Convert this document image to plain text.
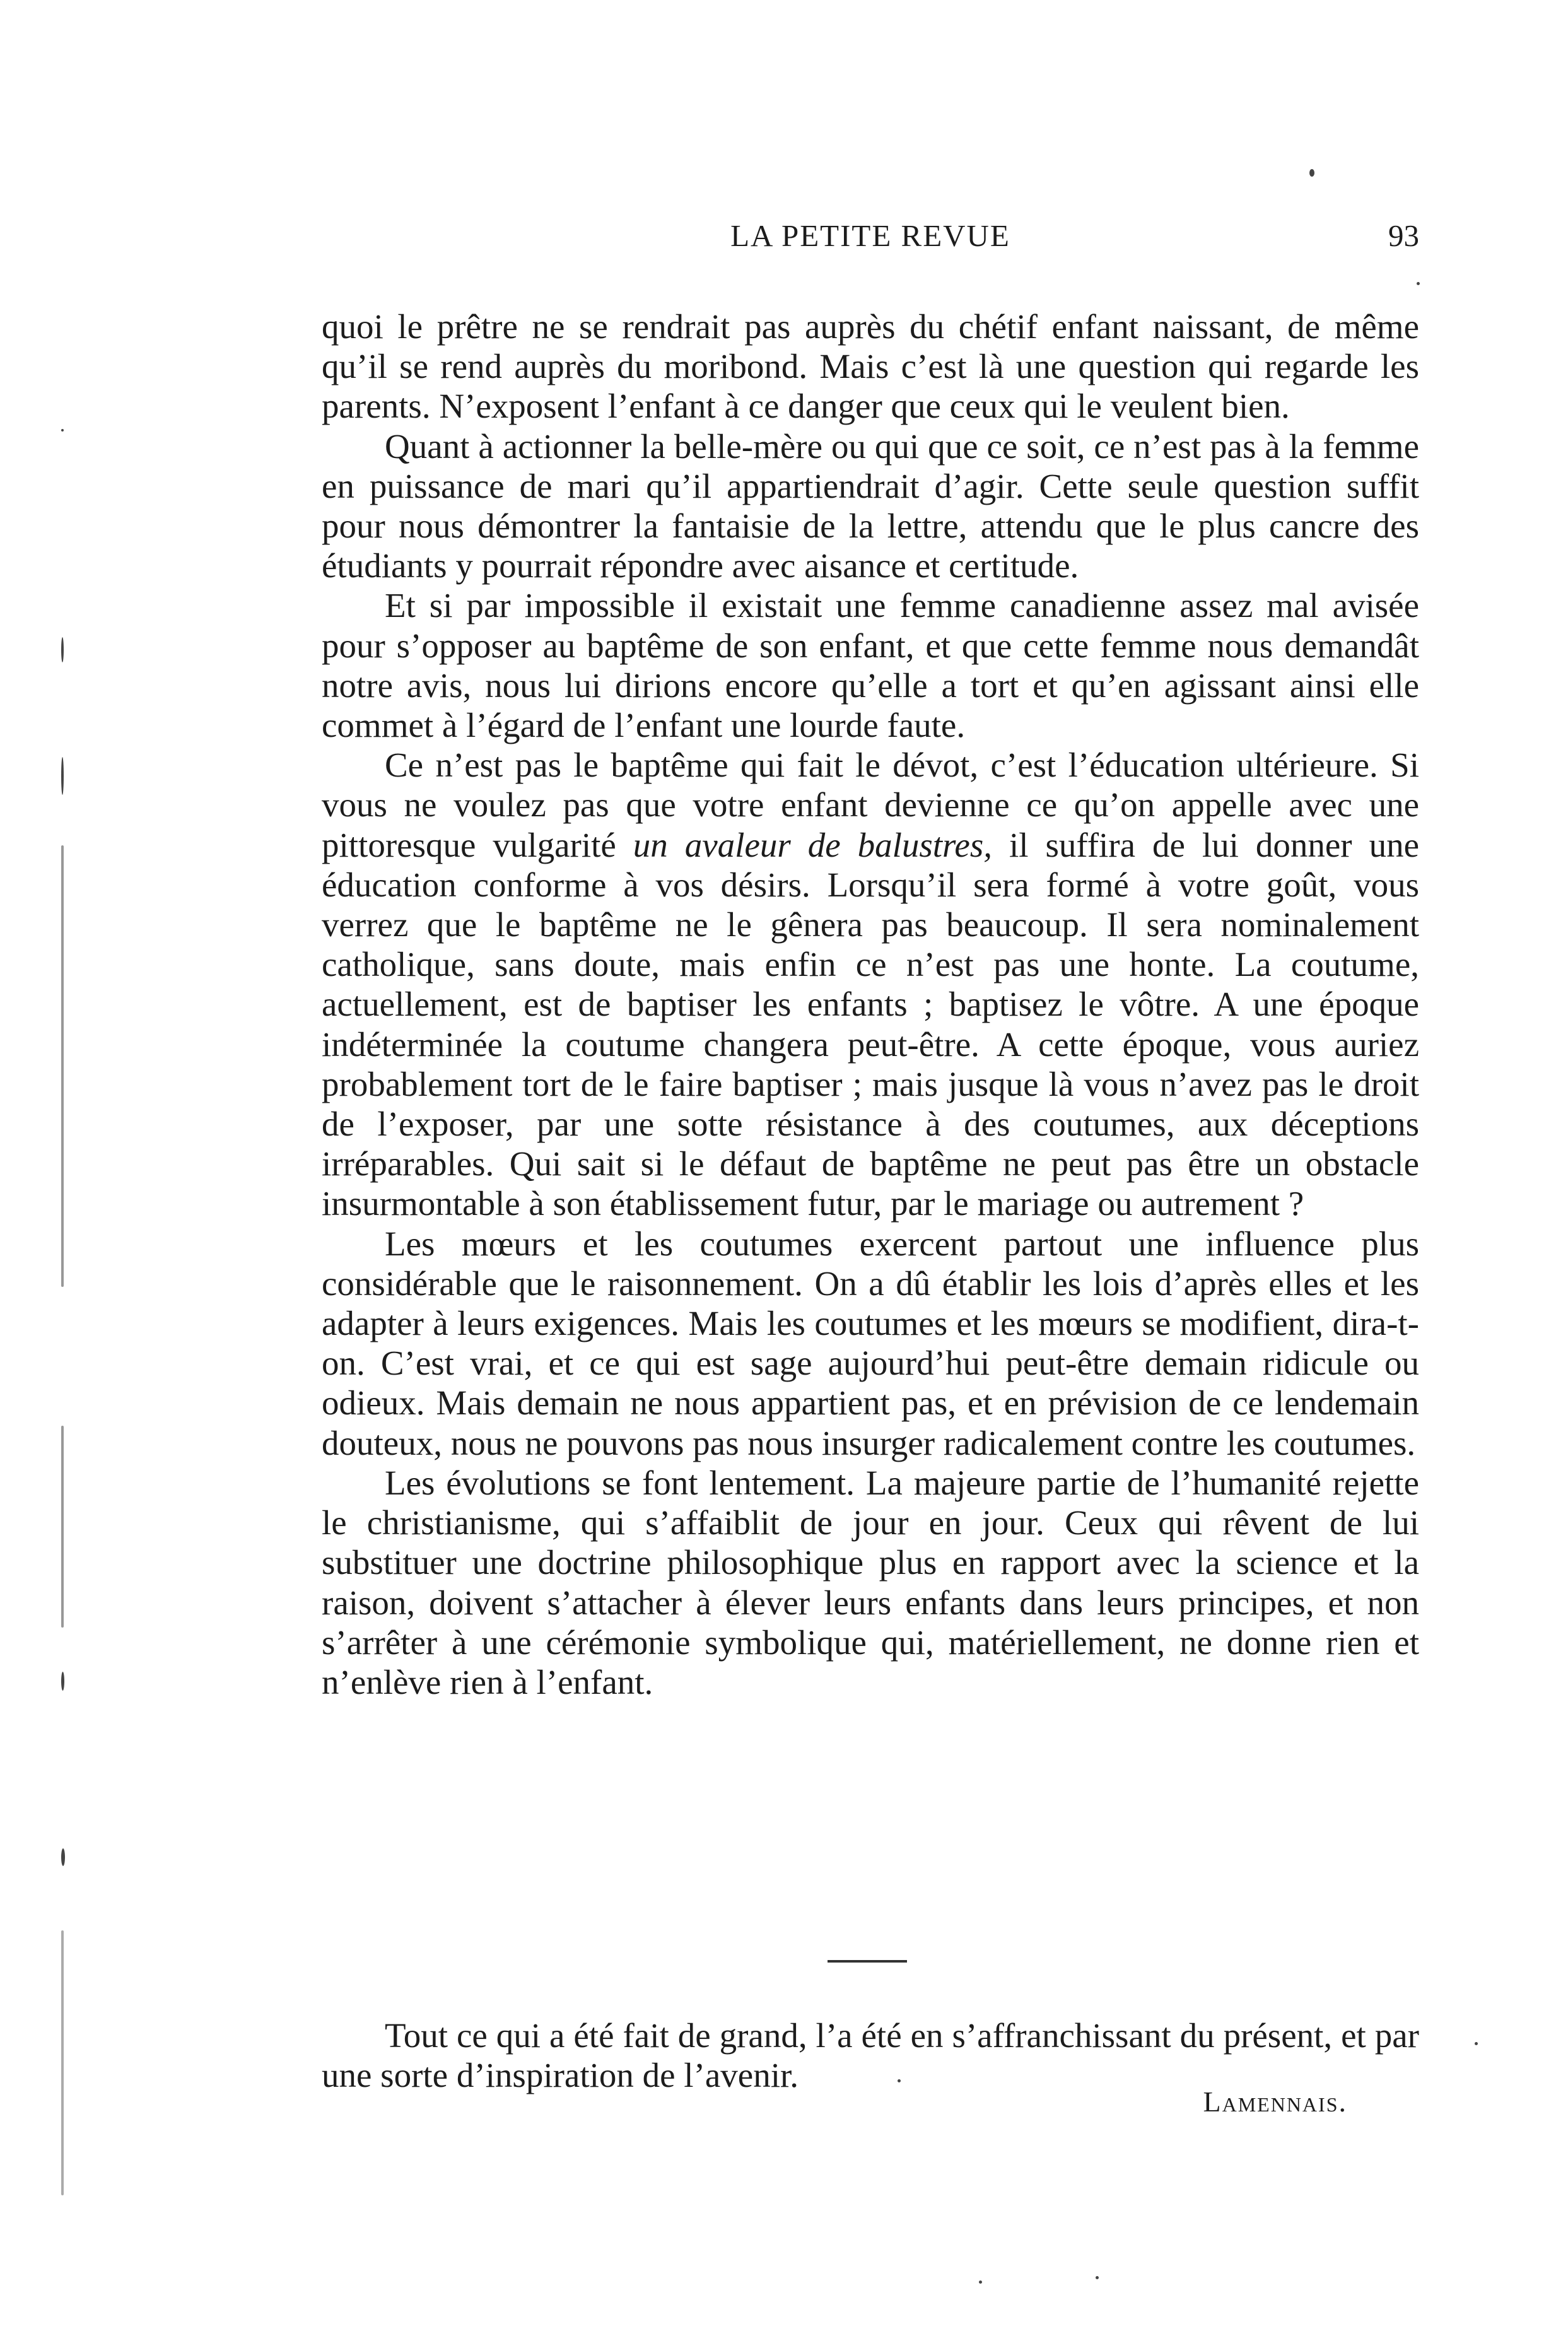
LA PETITE REVUE	93

quoi le prêtre ne se rendrait pas auprès du chétif enfant naissant, de même qu’il se rend auprès du moribond. Mais c’est là une question qui regarde les parents. N’exposent l’enfant à ce danger que ceux qui le veulent bien.

Quant à actionner la belle-mère ou qui que ce soit, ce n’est pas à la femme en puissance de mari qu’il appartiendrait d’agir. Cette seule question suffit pour nous démontrer la fantaisie de la lettre, attendu que le plus cancre des étudiants y pourrait répondre avec aisance et certitude.

Et si par impossible il existait une femme canadienne assez mal avisée pour s’opposer au baptême de son enfant, et que cette femme nous demandât notre avis, nous lui dirions encore qu’elle a tort et qu’en agissant ainsi elle commet à l’égard de l’enfant une lourde faute.

Ce n’est pas le baptême qui fait le dévot, c’est l’éducation ultérieure. Si vous ne voulez pas que votre enfant devienne ce qu’on appelle avec une pittoresque vulgarité un avaleur de balustres, il suffira de lui donner une éducation conforme à vos désirs. Lorsqu’il sera formé à votre goût, vous verrez que le baptême ne le gênera pas beaucoup. Il sera nominalement catholique, sans doute, mais enfin ce n’est pas une honte. La coutume, actuellement, est de baptiser les enfants ; baptisez le vôtre. A une époque indéterminée la coutume changera peut-être. A cette époque, vous auriez probablement tort de le faire baptiser ; mais jusque là vous n’avez pas le droit de l’exposer, par une sotte résistance à des coutumes, aux déceptions irréparables. Qui sait si le défaut de baptême ne peut pas être un obstacle insurmontable à son établissement futur, par le mariage ou autrement ?

Les mœurs et les coutumes exercent partout une influence plus considérable que le raisonnement. On a dû établir les lois d’après elles et les adapter à leurs exigences. Mais les coutumes et les mœurs se modifient, dira-t-on. C’est vrai, et ce qui est sage aujourd’hui peut-être demain ridicule ou odieux. Mais demain ne nous appartient pas, et en prévision de ce lendemain douteux, nous ne pouvons pas nous insurger radicalement contre les coutumes.

Les évolutions se font lentement. La majeure partie de l’humanité rejette le christianisme, qui s’affaiblit de jour en jour. Ceux qui rêvent de lui substituer une doctrine philosophique plus en rapport avec la science et la raison, doivent s’attacher à élever leurs enfants dans leurs principes, et non s’arrêter à une cérémonie symbolique qui, matériellement, ne donne rien et n’enlève rien à l’enfant.

Tout ce qui a été fait de grand, l’a été en s’affranchissant du présent, et par une sorte d’inspiration de l’avenir.
Lamennais.
